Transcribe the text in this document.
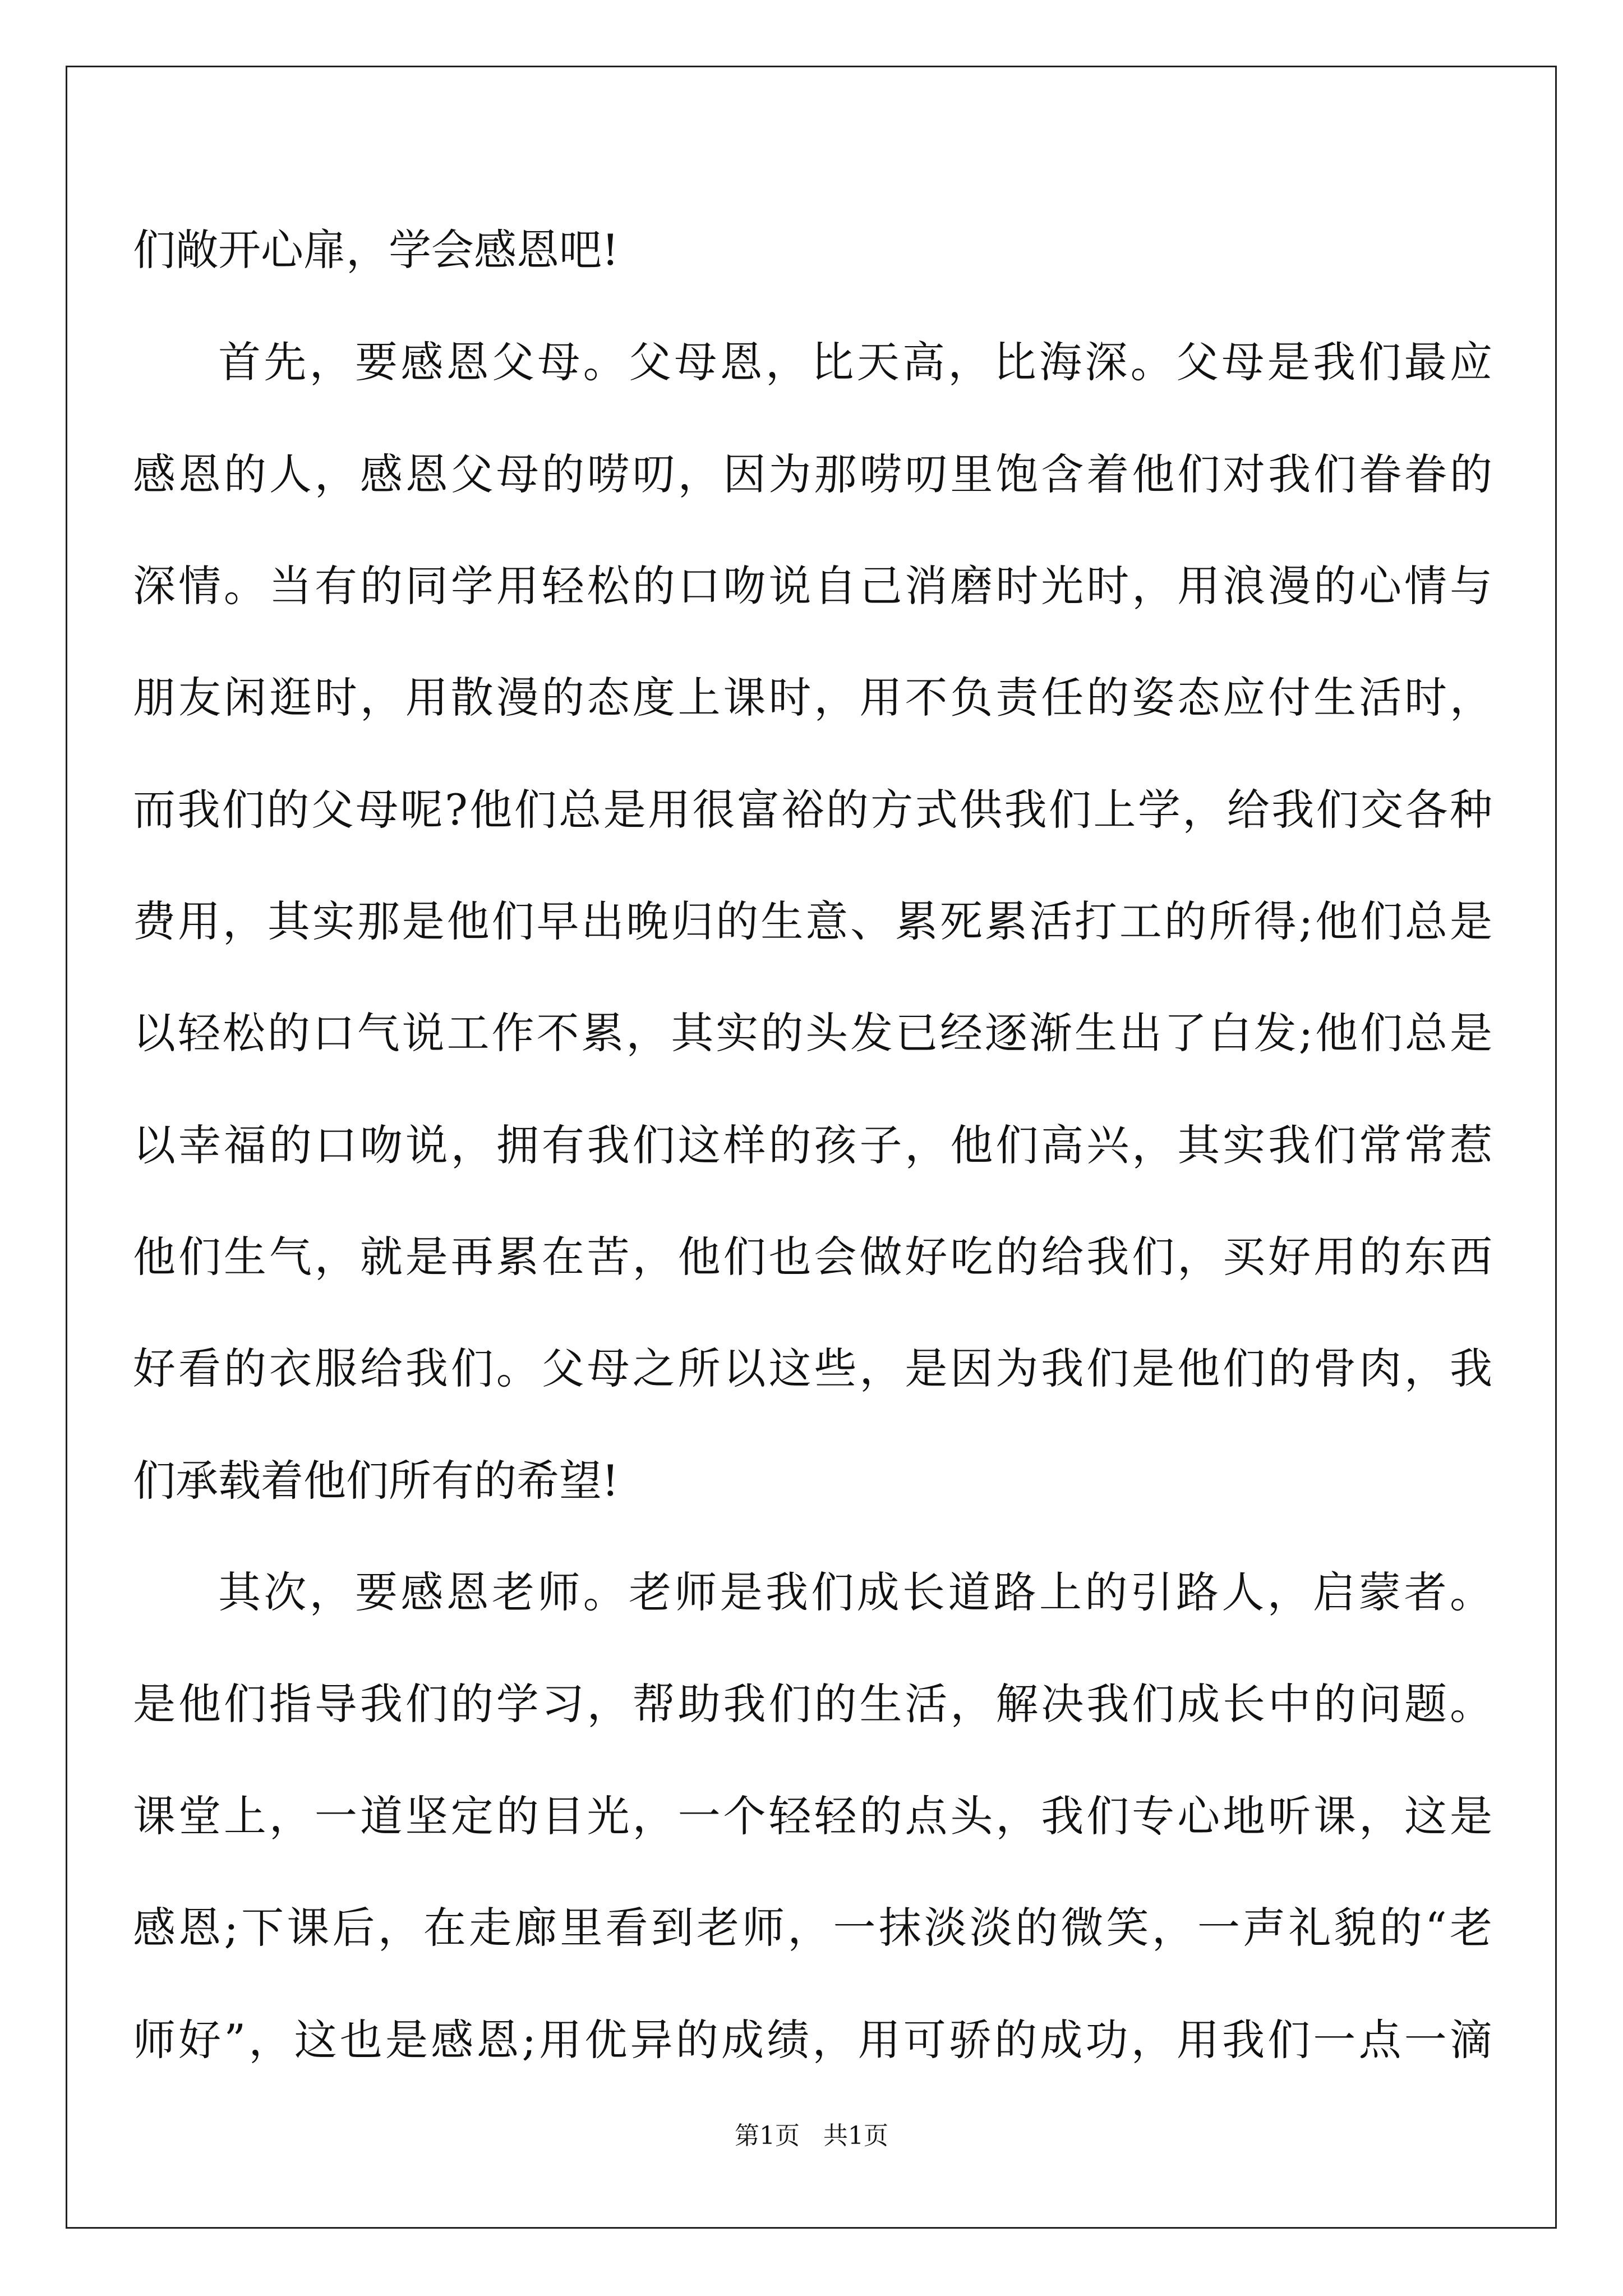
们敞开心扉，学会感恩吧!
首先，要感恩父母。父母恩，比天高，比海深。父母是我们最应
感恩的人，感恩父母的唠叨，因为那唠叨里饱含着他们对我们眷眷的
深情。当有的同学用轻松的口吻说自己消磨时光时，用浪漫的心情与
朋友闲逛时，用散漫的态度上课时，用不负责任的姿态应付生活时，
而我们的父母呢?他们总是用很富裕的方式供我们上学，给我们交各种
费用，其实那是他们早出晚归的生意、累死累活打工的所得;他们总是
以轻松的口气说工作不累，其实的头发已经逐渐生出了白发;他们总是
以幸福的口吻说，拥有我们这样的孩子，他们高兴，其实我们常常惹
他们生气，就是再累在苦，他们也会做好吃的给我们，买好用的东西
好看的衣服给我们。父母之所以这些，是因为我们是他们的骨肉，我
们承载着他们所有的希望!
其次，要感恩老师。老师是我们成长道路上的引路人，启蒙者。
是他们指导我们的学习，帮助我们的生活，解决我们成长中的问题。
课堂上，一道坚定的目光，一个轻轻的点头，我们专心地听课，这是
感恩;下课后，在走廊里看到老师，一抹淡淡的微笑，一声礼貌的“老
师好”，这也是感恩;用优异的成绩，用可骄的成功，用我们一点一滴
第1页 共1页
